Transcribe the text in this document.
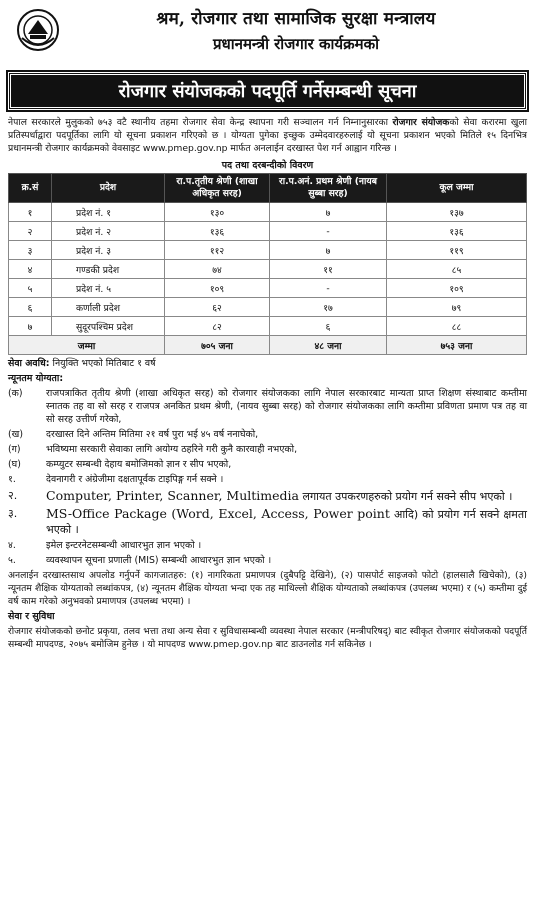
श्रम, रोजगार तथा सामाजिक सुरक्षा मन्त्रालय
प्रधानमन्त्री रोजगार कार्यक्रमको
रोजगार संयोजकको पदपूर्ति गर्नेसम्बन्धी सूचना
नेपाल सरकारले मुलुकको ७५३ वटै स्थानीय तहमा रोजगार सेवा केन्द्र स्थापना गरी सञ्चालन गर्न निम्नानुसारका रोजगार संयोजकको सेवा करारमा खुला प्रतिस्पर्धाद्वारा पदपूर्तिका लागि यो सूचना प्रकाशन गरिएको छ । योग्यता पुगेका इच्छुक उम्मेदवारहरुलाई यो सूचना प्रकाशन भएको मितिले १५ दिनभित्र प्रधानमन्त्री रोजगार कार्यक्रमको वेवसाइट www.pmep.gov.np मार्फत अनलाईन दरखास्त पेश गर्न आह्वान गरिन्छ ।
पद तथा दरबन्दीको विवरण
क्र.सं	प्रदेश	रा.प.तृतीय श्रेणी (शाखा अधिकृत सरह)	रा.प.अनं. प्रथम श्रेणी (नायब सुब्बा सरह)	कूल जम्मा
१	प्रदेश नं. १	१३०	७	१३७
२	प्रदेश नं. २	१३६	-	१३६
३	प्रदेश नं. ३	११२	७	११९
४	गण्डकी प्रदेश	७४	११	८५
५	प्रदेश नं. ५	१०९	-	१०९
६	कर्णाली प्रदेश	६२	१७	७९
७	सुदूरपश्चिम प्रदेश	८२	६	८८
जम्मा		७०५ जना	४८ जना	७५३ जना
सेवा अवधि: नियुक्ति भएको मितिबाट १ वर्ष
न्यूनतम योग्यता:
(क)	राजपत्राकित तृतीय श्रेणी (शाखा अधिकृत सरह) को रोजगार संयोजकका लागि नेपाल सरकारबाट मान्यता प्राप्त शिक्षण संस्थाबाट कम्तीमा स्नातक तह वा सो सरह र राजपत्र अनकित प्रथम श्रेणी, (नायव सुब्बा सरह) को रोजगार संयोजकका लागि कम्तीमा प्रविणता प्रमाण पत्र तह वा सो सरह उत्तीर्ण गरेको,
(ख)	दरखास्त दिने अन्तिम मितिमा २१ वर्ष पुरा भई ४५ वर्ष ननाघेको,
(ग)	भविष्यमा सरकारी सेवाका लागि अयोग्य ठहरिने गरी कुनै कारवाही नभएको,
(घ)	कम्प्युटर सम्बन्धी देहाय बमोजिमको ज्ञान र सीप भएको,
१.	देवनागरी र अंग्रेजीमा दक्षतापूर्वक टाइपिङ्ग गर्न सक्ने ।
२.	Computer, Printer, Scanner, Multimedia लगायत उपकरणहरुको प्रयोग गर्न सक्ने सीप भएको ।
३.	MS-Office Package (Word, Excel, Access, Power point आदि) को प्रयोग गर्न सक्ने क्षमता भएको ।
४.	इमेल इन्टरनेटसम्बन्धी आधारभुत ज्ञान भएको ।
५.	व्यवस्थापन सूचना प्रणाली (MIS) सम्बन्धी आधारभुत ज्ञान भएको ।
अनलाईन दरखास्तसाथ अपलोड गर्नुपर्ने कागजातहरु: (१) नागरिकता प्रमाणपत्र (दुबैपट्टि देखिने), (२) पासपोर्ट साइजको फोटो (हालसालै खिचेको), (३) न्यूनतम शैक्षिक योग्यताको लब्धांकपत्र, (४) न्यूनतम शैक्षिक योग्यता भन्दा एक तह माथिल्लो शैक्षिक योग्यताको लब्धांकपत्र (उपलब्ध भएमा) र (५) कम्तीमा दुई वर्ष काम गरेको अनुभवको प्रमाणपत्र (उपलब्ध भएमा) ।
सेवा र सुविधा
रोजगार संयोजकको छनोट प्रकृया, तलव भत्ता तथा अन्य सेवा र सुविधासम्बन्धी व्यवस्था नेपाल सरकार (मन्त्रीपरिषद्) बाट स्वीकृत रोजगार संयोजकको पदपूर्ति सम्बन्धी मापदण्ड, २०७५ बमोजिम हुनेछ । यो मापदण्ड www.pmep.gov.np बाट डाउनलोड गर्न सकिनेछ ।
